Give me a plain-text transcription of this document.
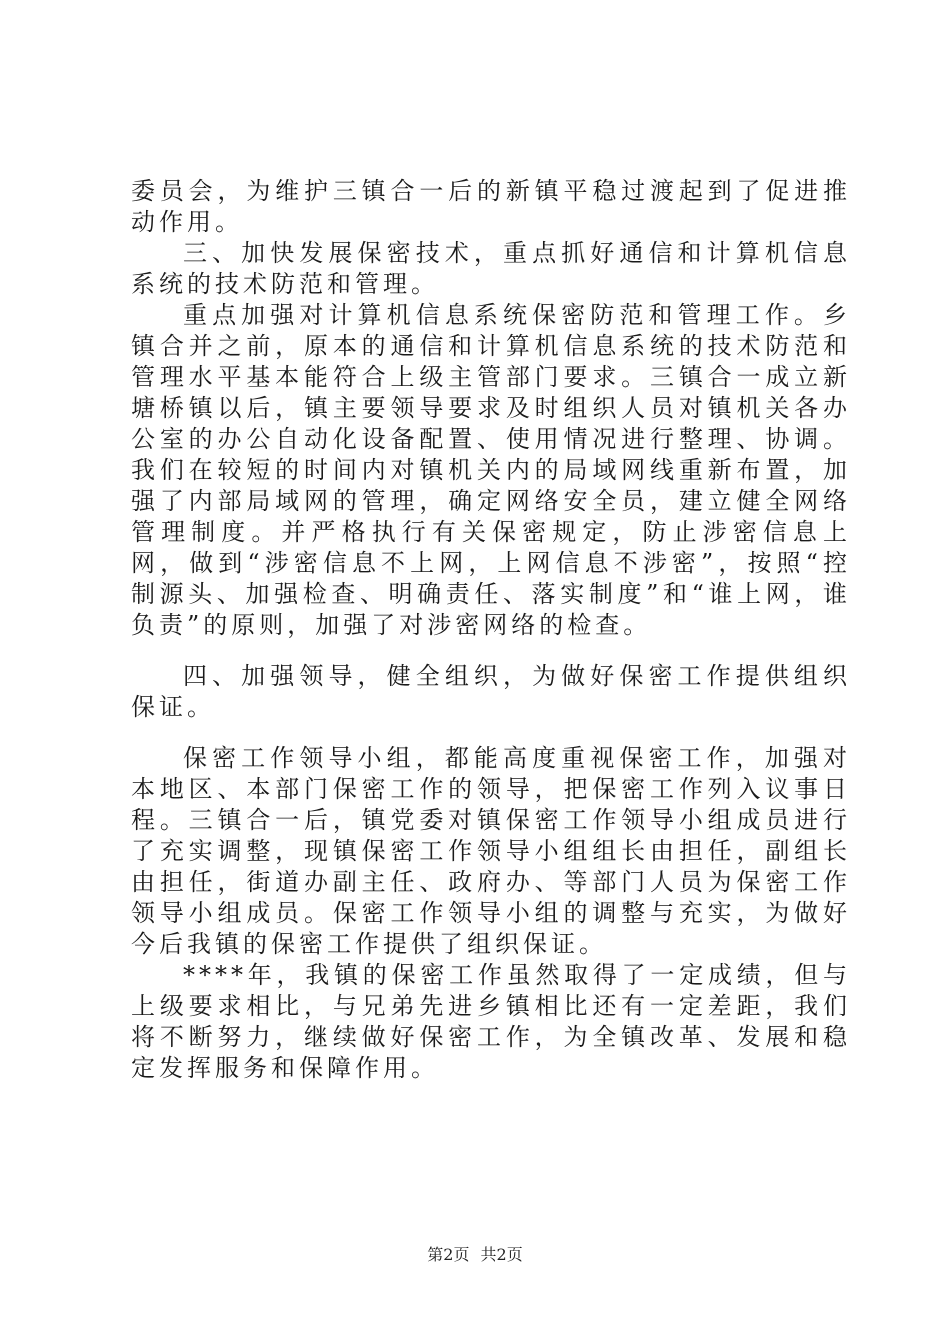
委员会，为维护三镇合一后的新镇平稳过渡起到了促进推动作用。

三、加快发展保密技术，重点抓好通信和计算机信息系统的技术防范和管理。

重点加强对计算机信息系统保密防范和管理工作。乡镇合并之前，原本的通信和计算机信息系统的技术防范和管理水平基本能符合上级主管部门要求。三镇合一成立新塘桥镇以后，镇主要领导要求及时组织人员对镇机关各办公室的办公自动化设备配置、使用情况进行整理、协调。我们在较短的时间内对镇机关内的局域网线重新布置，加强了内部局域网的管理，确定网络安全员，建立健全网络管理制度。并严格执行有关保密规定，防止涉密信息上网，做到“涉密信息不上网，上网信息不涉密”，按照“控制源头、加强检查、明确责任、落实制度”和“谁上网，谁负责”的原则，加强了对涉密网络的检查。

四、加强领导，健全组织，为做好保密工作提供组织保证。

保密工作领导小组，都能高度重视保密工作，加强对本地区、本部门保密工作的领导，把保密工作列入议事日程。三镇合一后，镇党委对镇保密工作领导小组成员进行了充实调整，现镇保密工作领导小组组长由担任，副组长由担任，街道办副主任、政府办、等部门人员为保密工作领导小组成员。保密工作领导小组的调整与充实，为做好今后我镇的保密工作提供了组织保证。

****年，我镇的保密工作虽然取得了一定成绩，但与上级要求相比，与兄弟先进乡镇相比还有一定差距，我们将不断努力，继续做好保密工作，为全镇改革、发展和稳定发挥服务和保障作用。

第2页 共2页
